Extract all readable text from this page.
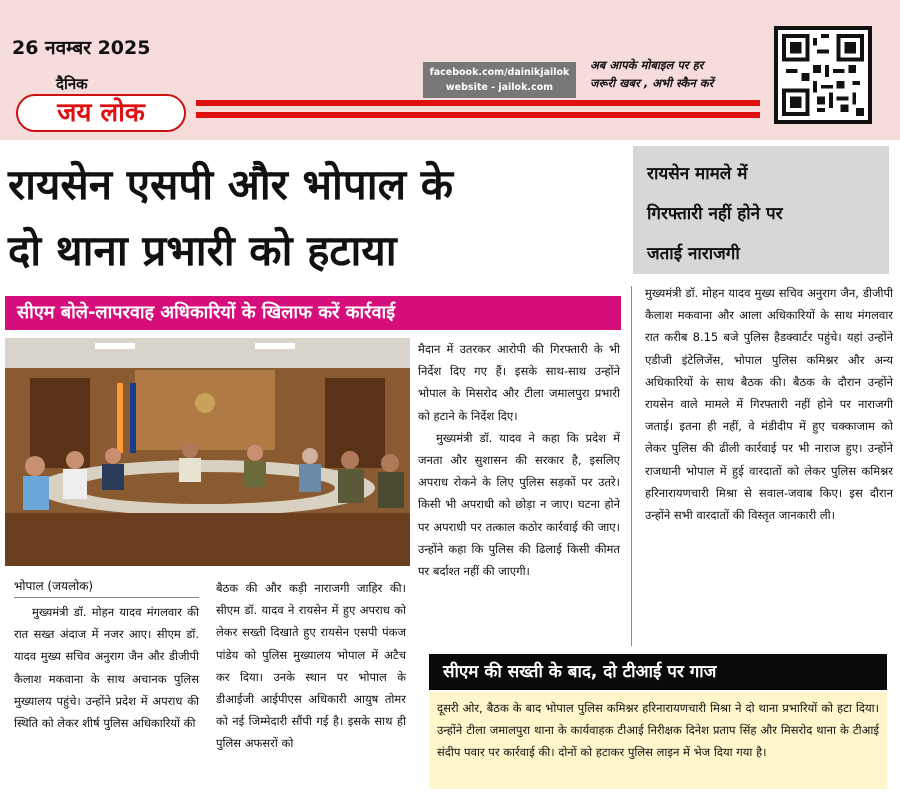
26 नवम्बर 2025
दैनिक
जय लोक
facebook.com/dainikjailok
website - jailok.com
अब आपके मोबाइल पर हर
जरूरी खबर , अभी स्कैन करें
रायसेन एसपी और भोपाल के
दो थाना प्रभारी को हटाया
सीएम बोले-लापरवाह अधिकारियों के खिलाफ करें कार्रवाई
भोपाल (जयलोक)
मुख्यमंत्री डॉ. मोहन यादव मंगलवार की रात सख्त अंदाज में नजर आए। सीएम डॉ. यादव मुख्य सचिव अनुराग जैन और डीजीपी कैलाश मकवाना के साथ अचानक पुलिस मुख्यालय पहुंचे। उन्होंने प्रदेश में अपराध की स्थिति को लेकर शीर्ष पुलिस अधिकारियों की
बैठक की और कड़ी नाराजगी जाहिर की। सीएम डॉ. यादव ने रायसेन में हुए अपराध को लेकर सख्ती दिखाते हुए रायसेन एसपी पंकज पांडेय को पुलिस मुख्यालय भोपाल में अटैच कर दिया। उनके स्थान पर भोपाल के डीआईजी आईपीएस अधिकारी आयुष तोमर को नई जिम्मेदारी सौंपी गई है। इसके साथ ही पुलिस अफसरों को

मैदान में उतरकर आरोपी की गिरफ्तारी के भी निर्देश दिए गए हैं। इसके साथ-साथ उन्होंने भोपाल के मिसरोद और टीला जमालपुरा प्रभारी को हटाने के निर्देश दिए।

मुख्यमंत्री डॉ. यादव ने कहा कि प्रदेश में जनता और सुशासन की सरकार है, इसलिए अपराध रोकने के लिए पुलिस सड़कों पर उतरे। किसी भी अपराधी को छोड़ा न जाए। घटना होने पर अपराधी पर तत्काल कठोर कार्रवाई की जाए। उन्होंने कहा कि पुलिस की ढिलाई किसी कीमत पर बर्दाश्त नहीं की जाएगी।

रायसेन मामले में
गिरफ्तारी नहीं होने पर
जताई नाराजगी
मुख्यमंत्री डॉ. मोहन यादव मुख्य सचिव अनुराग जैन, डीजीपी कैलाश मकवाना और आला अधिकारियों के साथ मंगलवार रात करीब 8.15 बजे पुलिस हैडक्वार्टर पहुंचे। यहां उन्होंने एडीजी इंटेलिजेंस, भोपाल पुलिस कमिश्नर और अन्य अधिकारियों के साथ बैठक की। बैठक के दौरान उन्होंने रायसेन वाले मामले में गिरफ्तारी नहीं होने पर नाराजगी जताई। इतना ही नहीं, वे मंडीदीप में हुए चक्काजाम को लेकर पुलिस की ढीली कार्रवाई पर भी नाराज हुए। उन्होंने राजधानी भोपाल में हुई वारदातों को लेकर पुलिस कमिश्नर हरिनारायणचारी मिश्रा से सवाल-जवाब किए। इस दौरान उन्होंने सभी वारदातों की विस्तृत जानकारी ली।
सीएम की सख्ती के बाद, दो टीआई पर गाज
दूसरी ओर, बैठक के बाद भोपाल पुलिस कमिश्नर हरिनारायणचारी मिश्रा ने दो थाना प्रभारियों को हटा दिया। उन्होंने टीला जमालपुरा थाना के कार्यवाहक टीआई निरीक्षक दिनेश प्रताप सिंह और मिसरोद थाना के टीआई संदीप पवार पर कार्रवाई की। दोनों को हटाकर पुलिस लाइन में भेज दिया गया है।
